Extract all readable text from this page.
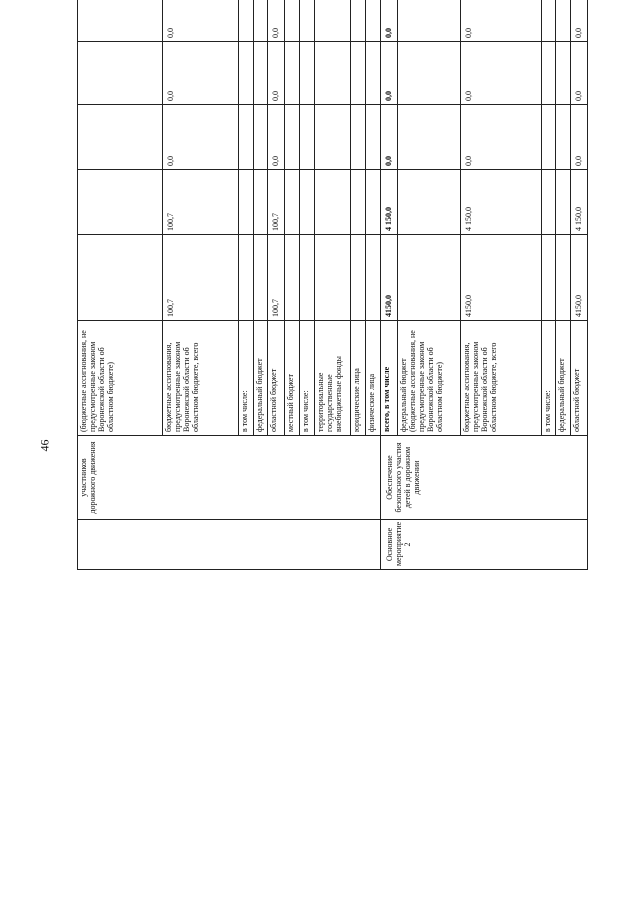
46
	участников дорожного движения	(бюджетные ассигнования, не предусмотренные законом Воронежской области об областном бюджете)								
		бюджетные ассигнования, предусмотренные законом Воронежской области об областном бюджете, всего	100,7	100,7	0,0	0,0	0,0			
		в том числе:								
		федеральный бюджет								
		областной бюджет	100,7	100,7	0,0	0,0	0,0			
		местный бюджет								
		в том числе:								
		территориальные государственные внебюджетные фонды								
		юридические лица								
		физические лица								
Основное мероприятие 2	Обеспечение безопасного участия детей в дорожном движении	всего, в том числе	4150,0	4 150,0	0,0	0,0	0,0			
		федеральный бюджет (бюджетные ассигнования, не предусмотренные законом Воронежской области об областном бюджете)								
		бюджетные ассигнования, предусмотренные законом Воронежской области об областном бюджете, всего	4150,0	4 150,0	0,0	0,0	0,0			
		в том числе:								
		федеральный бюджет								
		областной бюджет	4150,0	4 150,0	0,0	0,0	0,0			
